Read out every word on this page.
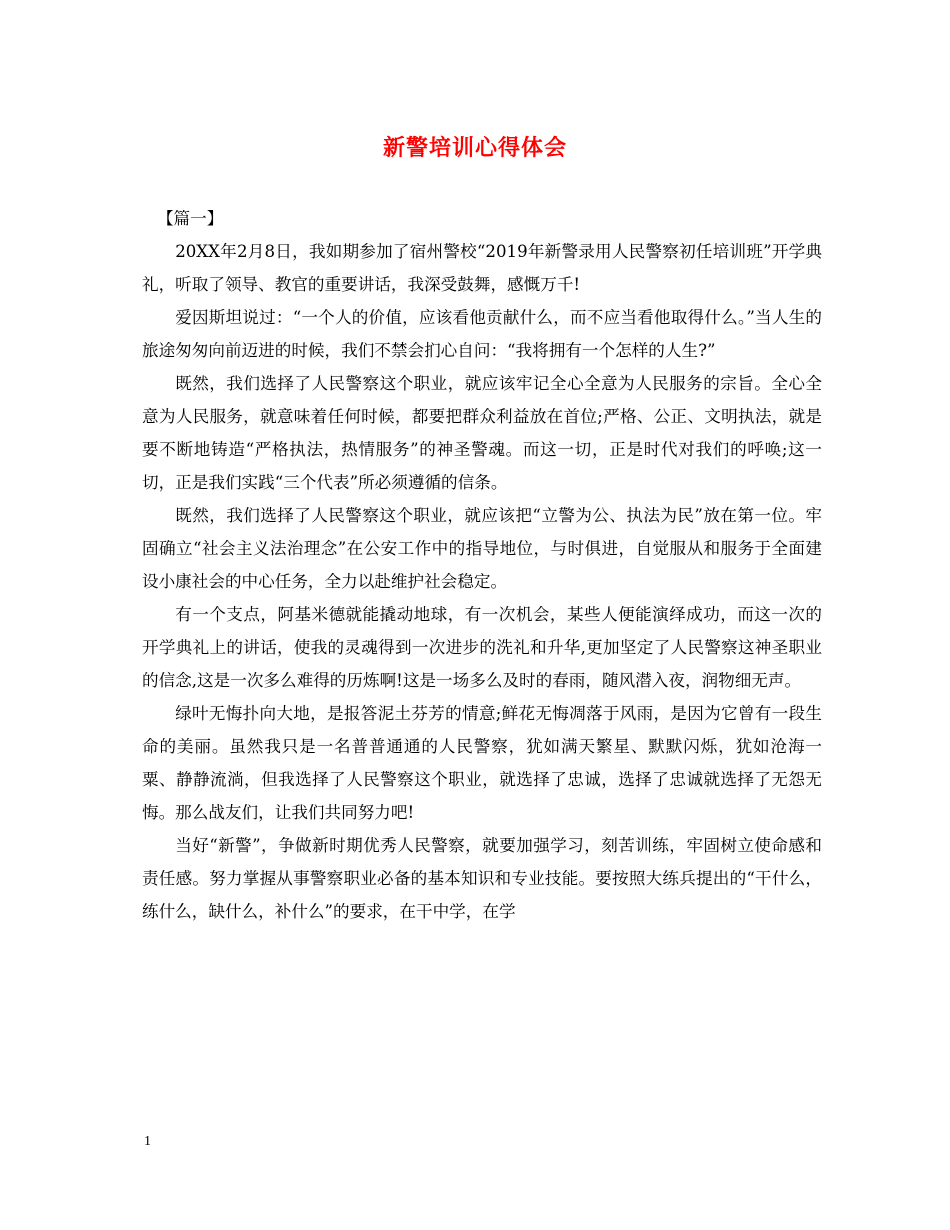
新警培训心得体会

【篇一】

20XX年2月8日，我如期参加了宿州警校“2019年新警录用人民警察初任培训班”开学典礼，听取了领导、教官的重要讲话，我深受鼓舞，感慨万千!

爱因斯坦说过：“一个人的价值，应该看他贡献什么，而不应当看他取得什么。”当人生的旅途匆匆向前迈进的时候，我们不禁会扪心自问：“我将拥有一个怎样的人生?”

既然，我们选择了人民警察这个职业，就应该牢记全心全意为人民服务的宗旨。全心全意为人民服务，就意味着任何时候，都要把群众利益放在首位;严格、公正、文明执法，就是要不断地铸造“严格执法，热情服务”的神圣警魂。而这一切，正是时代对我们的呼唤;这一切，正是我们实践“三个代表”所必须遵循的信条。

既然，我们选择了人民警察这个职业，就应该把“立警为公、执法为民”放在第一位。牢固确立“社会主义法治理念”在公安工作中的指导地位，与时俱进，自觉服从和服务于全面建设小康社会的中心任务，全力以赴维护社会稳定。

有一个支点，阿基米德就能撬动地球，有一次机会，某些人便能演绎成功，而这一次的开学典礼上的讲话，使我的灵魂得到一次进步的洗礼和升华,更加坚定了人民警察这神圣职业的信念,这是一次多么难得的历炼啊!这是一场多么及时的春雨，随风潜入夜，润物细无声。

绿叶无悔扑向大地，是报答泥土芬芳的情意;鲜花无悔凋落于风雨，是因为它曾有一段生命的美丽。虽然我只是一名普普通通的人民警察，犹如满天繁星、默默闪烁，犹如沧海一粟、静静流淌，但我选择了人民警察这个职业，就选择了忠诚，选择了忠诚就选择了无怨无悔。那么战友们，让我们共同努力吧!

当好“新警”，争做新时期优秀人民警察，就要加强学习，刻苦训练，牢固树立使命感和责任感。努力掌握从事警察职业必备的基本知识和专业技能。要按照大练兵提出的“干什么，练什么，缺什么，补什么”的要求，在干中学，在学

1
